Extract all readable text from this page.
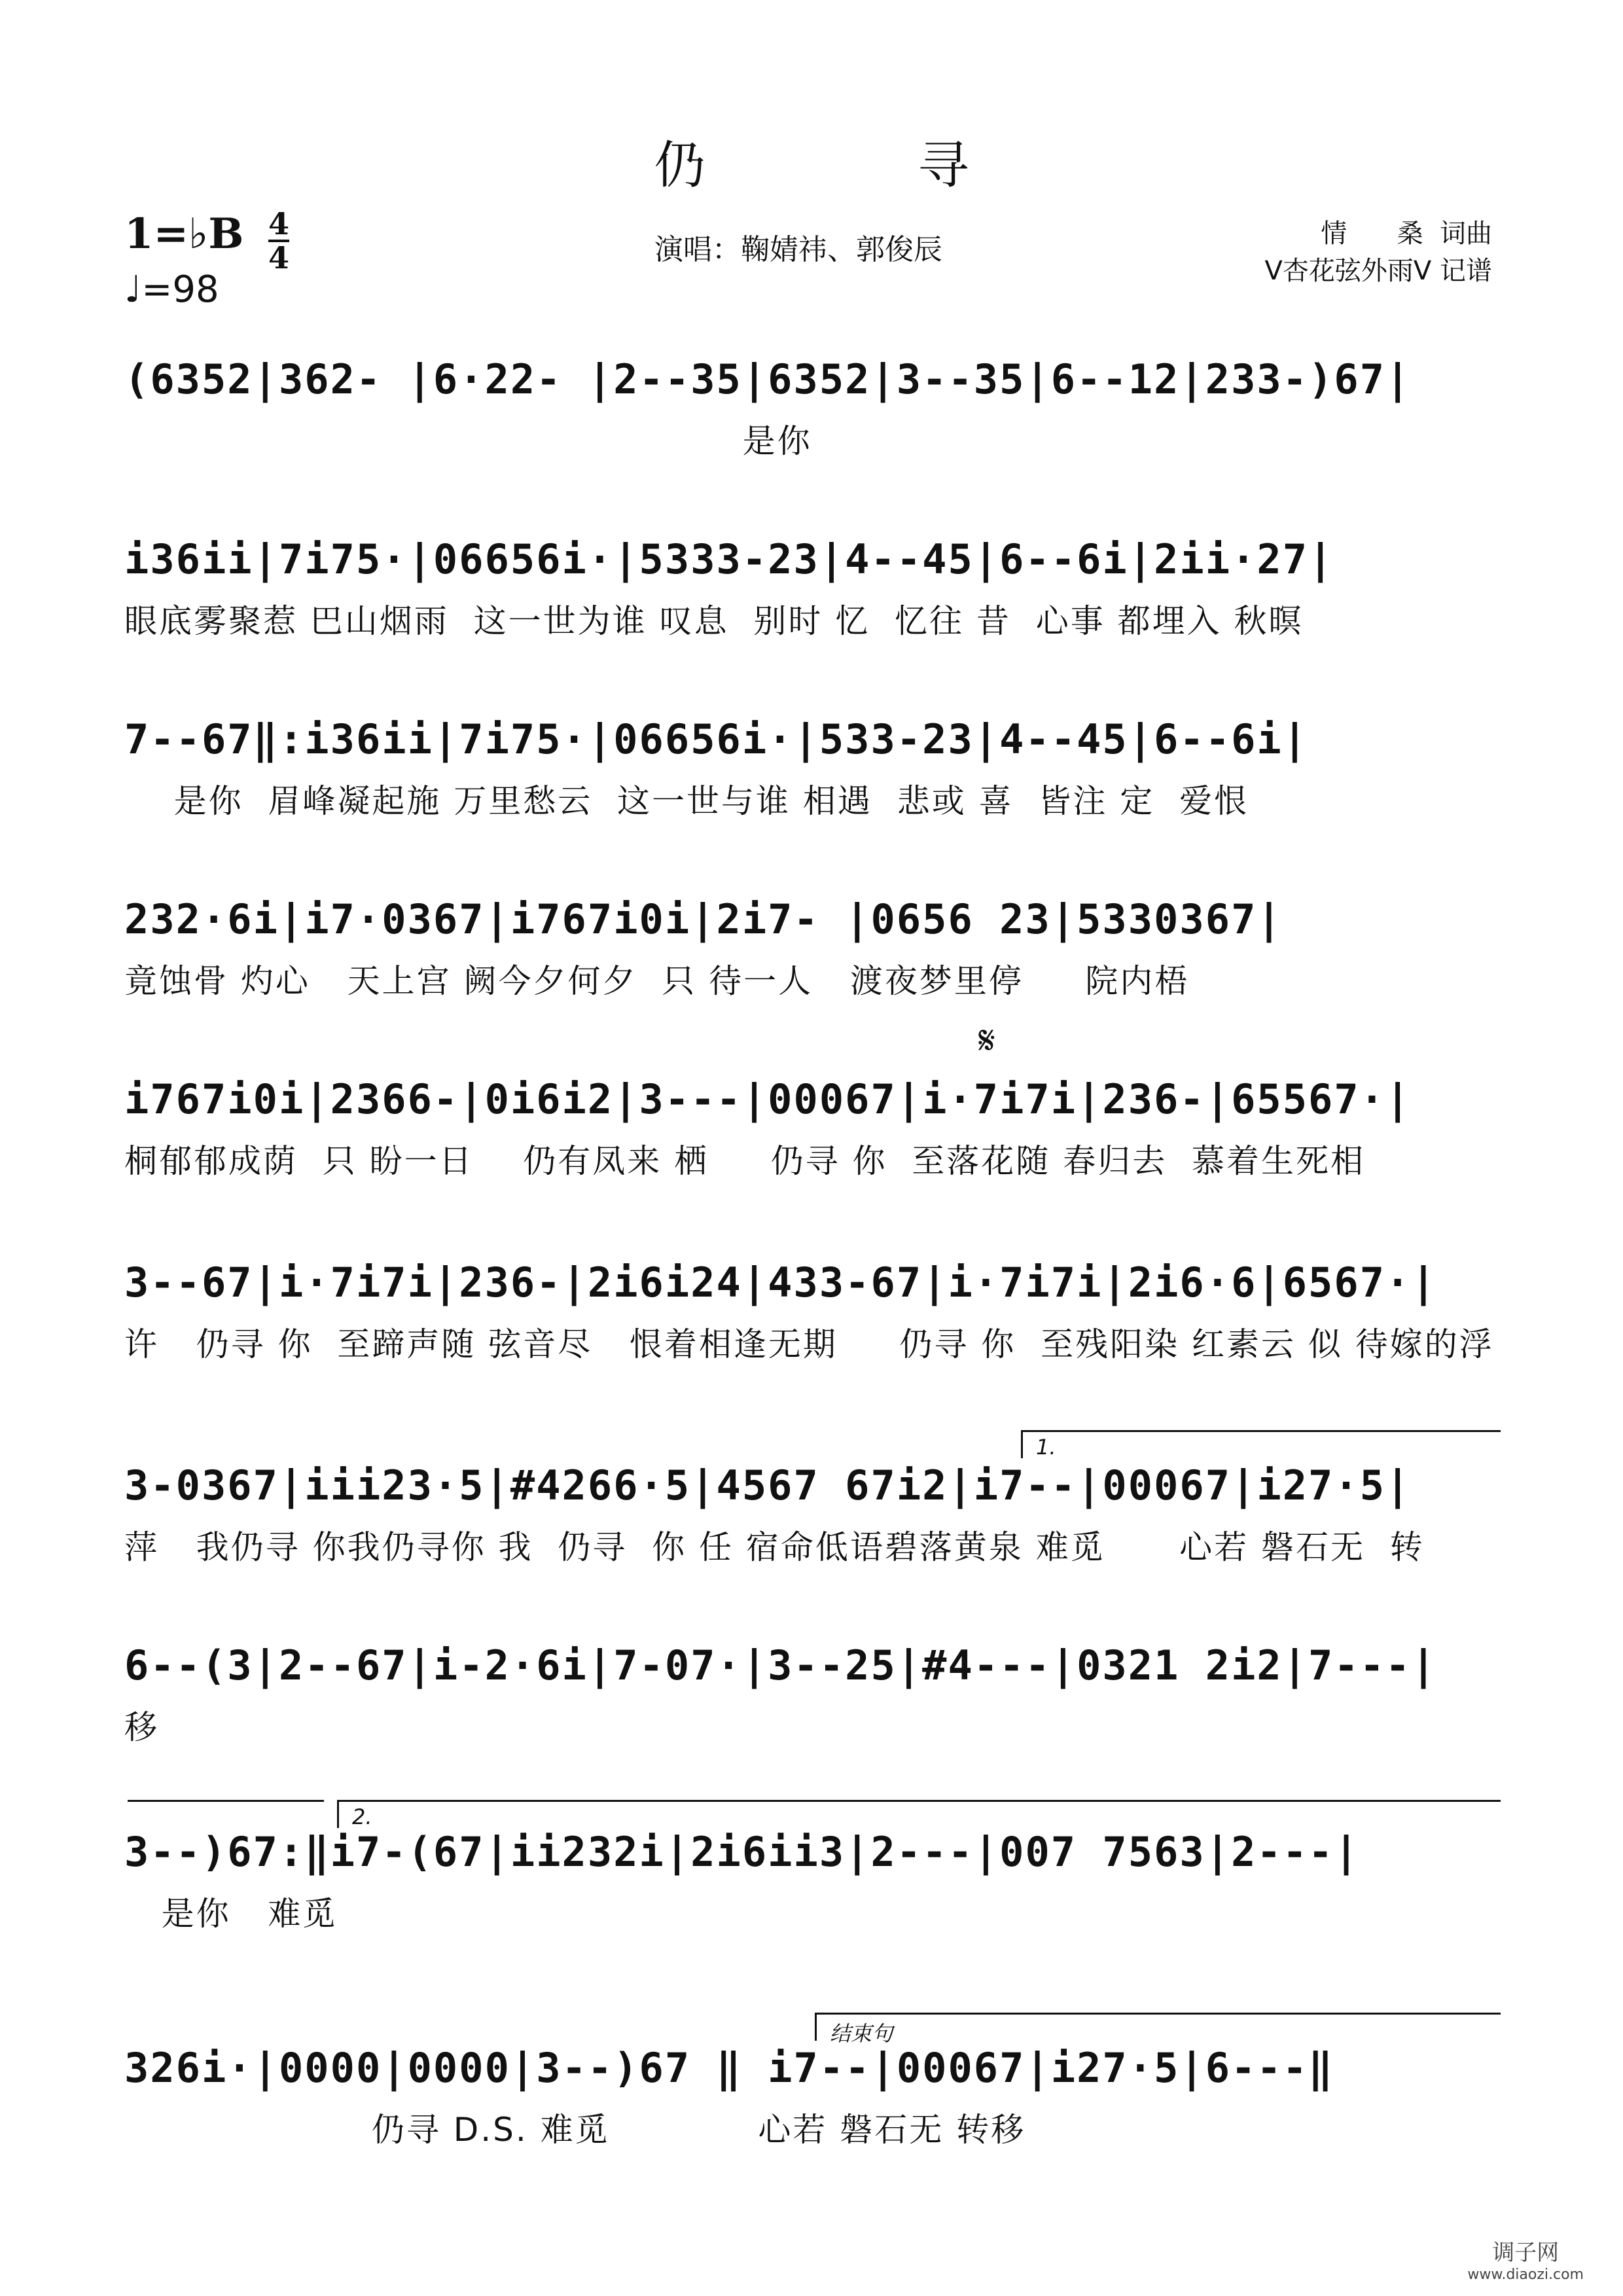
仍 寻
1=♭B 4
4
♩=98
演唱：鞠婧祎、郭俊辰	情      桑  词曲
V杏花弦外雨V 记谱
(6352|362- |6·22- |2--35|6352|3--35|6--12|233-)67|
是你
i36ii|7i75·|06656i·|5333-23|4--45|6--6i|2ii·27|
眼底雾聚惹 巴山烟雨  这一世为谁 叹息  别时 忆  忆往 昔  心事 都埋入 秋暝
7--67‖:i36ii|7i75·|06656i·|533-23|4--45|6--6i|
是你  眉峰凝起施 万里愁云  这一世与谁 相遇  悲或 喜  皆注 定  爱恨
232·6i|i7·0367|i767i0i|2i7- |0656 23|5330367|
竟蚀骨 灼心   天上宫 阙今夕何夕  只 待一人   渡夜梦里停     院内梧
𝄋
i767i0i|2366-|0i6i2|3---|00067|i·7i7i|236-|65567·|
桐郁郁成荫  只 盼一日    仍有凤来 栖     仍寻 你  至落花随 春归去  慕着生死相
3--67|i·7i7i|236-|2i6i24|433-67|i·7i7i|2i6·6|6567·|
许   仍寻 你  至蹄声随 弦音尽   恨着相逢无期     仍寻 你  至残阳染 红素云 似 待嫁的浮
1.
3-0367|iii23·5|#4266·5|4567 67i2|i7--|00067|i27·5|
萍   我仍寻 你我仍寻你 我  仍寻  你 任 宿命低语碧落黄泉 难觅      心若 磐石无  转
6--(3|2--67|i-2·6i|7-07·|3--25|#4---|0321 2i2|7---|
移
2.
3--)67:‖i7-(67|ii232i|2i6ii3|2---|007 7563|2---|
是你   难觅
结束句
326i·|0000|0000|3--)67 ‖ i7--|00067|i27·5|6---‖
仍寻 D.S. 难觅            心若 磐石无 转移
调子网
www.diaozi.com
